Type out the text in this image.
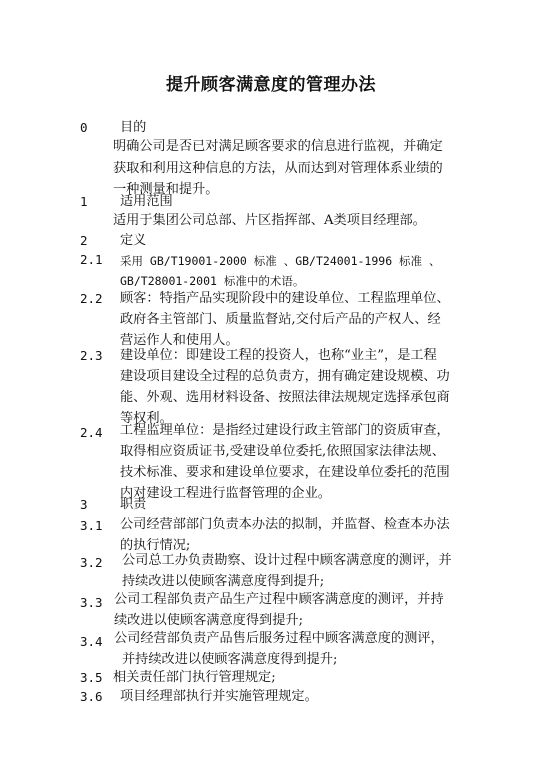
提升顾客满意度的管理办法
0 目的
明确公司是否已对满足顾客要求的信息进行监视，并确定
获取和利用这种信息的方法，从而达到对管理体系业绩的
一种测量和提升。
1 适用范围
适用于集团公司总部、片区指挥部、A类项目经理部。
2 定义
2.1 采用 GB/T19001-2000 标准 、GB/T24001-1996 标准 、
GB/T28001-2001 标准中的术语。
2.2 顾客：特指产品实现阶段中的建设单位、工程监理单位、
政府各主管部门、质量监督站,交付后产品的产权人、经
营运作人和使用人。
2.3 建设单位：即建设工程的投资人，也称“业主”，是工程
建设项目建设全过程的总负责方，拥有确定建设规模、功
能、外观、选用材料设备、按照法律法规规定选择承包商
等权利。
2.4 工程监理单位：是指经过建设行政主管部门的资质审查，
取得相应资质证书,受建设单位委托,依照国家法律法规、
技术标准、要求和建设单位要求，在建设单位委托的范围
内对建设工程进行监督管理的企业。
3 职责
3.1 公司经营部部门负责本办法的拟制，并监督、检查本办法
的执行情况;
3.2 公司总工办负责勘察、设计过程中顾客满意度的测评，并
持续改进以使顾客满意度得到提升;
3.3 公司工程部负责产品生产过程中顾客满意度的测评，并持
续改进以使顾客满意度得到提升;
3.4 公司经营部负责产品售后服务过程中顾客满意度的测评，
并持续改进以使顾客满意度得到提升;
3.5 相关责任部门执行管理规定;
3.6 项目经理部执行并实施管理规定。
